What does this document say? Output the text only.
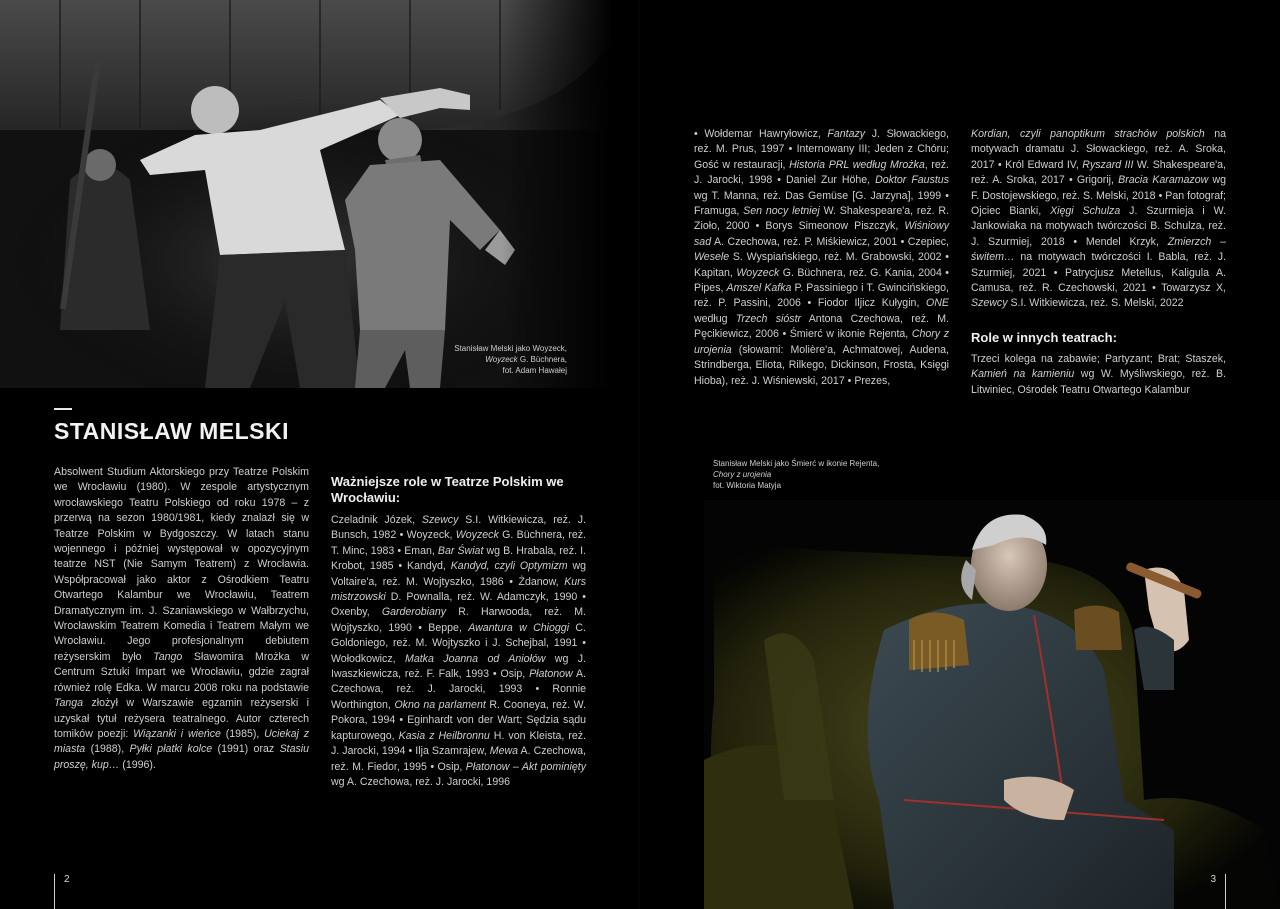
Stanisław Melski jako Woyzeck,
Woyzeck G. Büchnera,
fot. Adam Hawałej
STANISŁAW MELSKI
Absolwent Studium Aktorskiego przy Teatrze Polskim we Wrocławiu (1980). W zespole artystycznym wrocławskiego Teatru Polskiego od roku 1978 – z przerwą na sezon 1980/1981, kiedy znalazł się w Teatrze Polskim w Bydgoszczy. W latach stanu wojennego i później występował w opozycyjnym teatrze NST (Nie Samym Teatrem) z Wrocławia. Współpracował jako aktor z Ośrodkiem Teatru Otwartego Kalambur we Wrocławiu, Teatrem Dramatycznym im. J. Szaniawskiego w Wałbrzychu, Wrocławskim Teatrem Komedia i Teatrem Małym we Wrocławiu. Jego profesjonalnym debiutem reżyserskim było Tango Sławomira Mrożka w Centrum Sztuki Impart we Wrocławiu, gdzie zagrał również rolę Edka. W marcu 2008 roku na podstawie Tanga złożył w Warszawie egzamin reżyserski i uzyskał tytuł reżysera teatralnego. Autor czterech tomików poezji: Wiązanki i wieńce (1985), Uciekaj z miasta (1988), Pyłki płatki kolce (1991) oraz Stasiu proszę, kup… (1996).
Ważniejsze role w Teatrze Polskim we Wrocławiu:
Czeladnik Józek, Szewcy S.I. Witkiewicza, reż. J. Bunsch, 1982 • Woyzeck, Woyzeck G. Büchnera, reż. T. Minc, 1983 • Eman, Bar Świat wg B. Hrabala, reż. I. Krobot, 1985 • Kandyd, Kandyd, czyli Optymizm wg Voltaire'a, reż. M. Wojtyszko, 1986 • Żdanow, Kurs mistrzowski D. Pownalla, reż. W. Adamczyk, 1990 • Oxenby, Garderobiany R. Harwooda, reż. M. Wojtyszko, 1990 • Beppe, Awantura w Chioggi C. Goldoniego, reż. M. Wojtyszko i J. Schejbal, 1991 • Wołodkowicz, Matka Joanna od Aniołów wg J. Iwaszkiewicza, reż. F. Falk, 1993 • Osip, Płatonow A. Czechowa, reż. J. Jarocki, 1993 • Ronnie Worthington, Okno na parlament R. Cooneya, reż. W. Pokora, 1994 • Eginhardt von der Wart; Sędzia sądu kapturowego, Kasia z Heilbronnu H. von Kleista, reż. J. Jarocki, 1994 • Ilja Szamrajew, Mewa A. Czechowa, reż. M. Fiedor, 1995 • Osip, Płatonow – Akt pominięty wg A. Czechowa, reż. J. Jarocki, 1996
2
• Wołdemar Hawryłowicz, Fantazy J. Słowackiego, reż. M. Prus, 1997 • Internowany III; Jeden z Chóru; Gość w restauracji, Historia PRL według Mrożka, reż. J. Jarocki, 1998 • Daniel Zur Höhe, Doktor Faustus wg T. Manna, reż. Das Gemüse [G. Jarzyna], 1999 • Framuga, Sen nocy letniej W. Shakespeare'a, reż. R. Zioło, 2000 • Borys Simeonow Piszczyk, Wiśniowy sad A. Czechowa, reż. P. Miśkiewicz, 2001 • Czepiec, Wesele S. Wyspiańskiego, reż. M. Grabowski, 2002 • Kapitan, Woyzeck G. Büchnera, reż. G. Kania, 2004 • Pipes, Amszel Kafka P. Passiniego i T. Gwincińskiego, reż. P. Passini, 2006 • Fiodor Iljicz Kułygin, ONE według Trzech sióstr Antona Czechowa, reż. M. Pęcikiewicz, 2006 • Śmierć w ikonie Rejenta, Chory z urojenia (słowami: Molière'a, Achmatowej, Audena, Strindberga, Eliota, Rilkego, Dickinson, Frosta, Księgi Hioba), reż. J. Wiśniewski, 2017 • Prezes,
Kordian, czyli panoptikum strachów polskich na motywach dramatu J. Słowackiego, reż. A. Sroka, 2017 • Król Edward IV, Ryszard III W. Shakespeare'a, reż. A. Sroka, 2017 • Grigorij, Bracia Karamazow wg F. Dostojewskiego, reż. S. Melski, 2018 • Pan fotograf; Ojciec Bianki, Xięgi Schulza J. Szurmieja i W. Jankowiaka na motywach twórczości B. Schulza, reż. J. Szurmiej, 2018 • Mendel Krzyk, Zmierzch – świtem… na motywach twórczości I. Babla, reż. J. Szurmiej, 2021 • Patrycjusz Metellus, Kaligula A. Camusa, reż. R. Czechowski, 2021 • Towarzysz X, Szewcy S.I. Witkiewicza, reż. S. Melski, 2022
Role w innych teatrach:
Trzeci kolega na zabawie; Partyzant; Brat; Staszek, Kamień na kamieniu wg W. Myśliwskiego, reż. B. Litwiniec, Ośrodek Teatru Otwartego Kalambur
Stanisław Melski jako Śmierć w ikonie Rejenta,
Chory z urojenia
fot. Wiktoria Matyja
3
